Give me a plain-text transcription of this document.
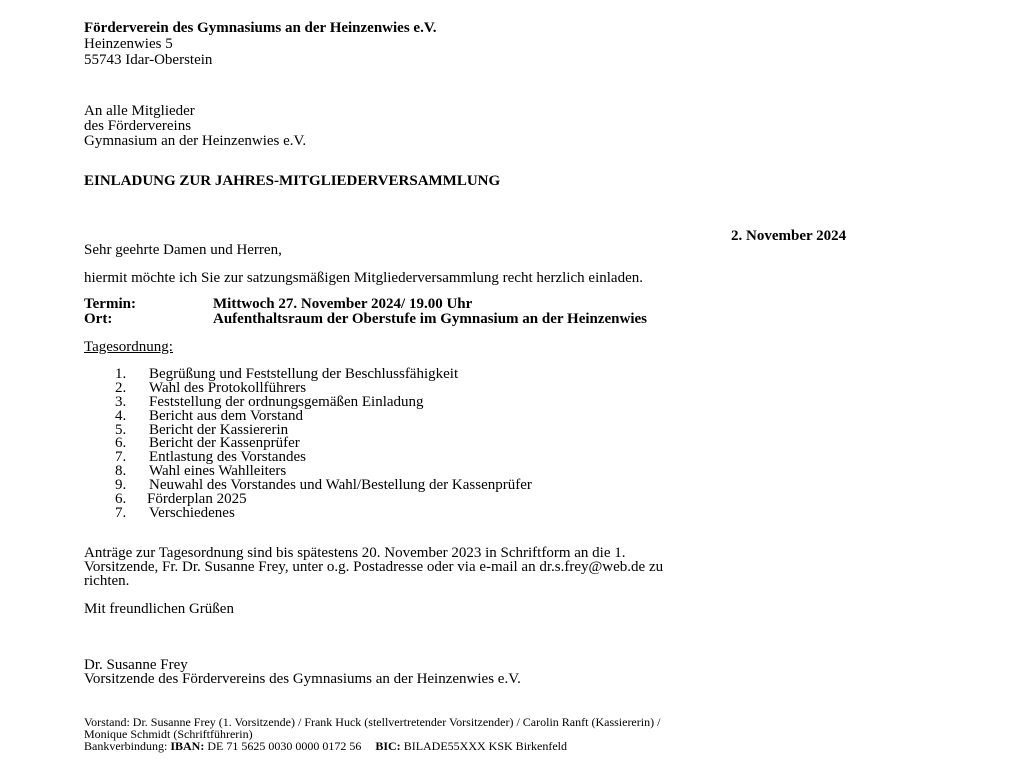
Förderverein des Gymnasiums an der Heinzenwies e.V.
Heinzenwies 5
55743 Idar-Oberstein
An alle Mitglieder
des Fördervereins
Gymnasium an der Heinzenwies e.V.
EINLADUNG ZUR JAHRES-MITGLIEDERVERSAMMLUNG
2. November 2024
Sehr geehrte Damen und Herren,
hiermit möchte ich Sie zur satzungsmäßigen Mitgliederversammlung recht herzlich einladen.
Termin:	Mittwoch 27. November 2024/ 19.00 Uhr
Ort:	Aufenthaltsraum der Oberstufe im Gymnasium an der Heinzenwies
Tagesordnung:
1.	Begrüßung und Feststellung der Beschlussfähigkeit
2.	Wahl des Protokollführers
3.	Feststellung der ordnungsgemäßen Einladung
4.	Bericht aus dem Vorstand
5.	Bericht der Kassiererin
6.	Bericht der Kassenprüfer
7.	Entlastung des Vorstandes
8.	Wahl eines Wahlleiters
9.	Neuwahl des Vorstandes und Wahl/Bestellung der Kassenprüfer
6.	Förderplan 2025
7.	Verschiedenes
Anträge zur Tagesordnung sind bis spätestens 20. November 2023 in Schriftform an die 1.
Vorsitzende, Fr. Dr. Susanne Frey, unter o.g. Postadresse oder via e-mail an dr.s.frey@web.de zu
richten.
Mit freundlichen Grüßen
Dr. Susanne Frey
Vorsitzende des Fördervereins des Gymnasiums an der Heinzenwies e.V.
Vorstand: Dr. Susanne Frey (1. Vorsitzende) / Frank Huck (stellvertretender Vorsitzender) / Carolin Ranft (Kassiererin) /
Monique Schmidt (Schriftführerin)
Bankverbindung: IBAN: DE 71 5625 0030 0000 0172 56 BIC: BILADE55XXX KSK Birkenfeld
